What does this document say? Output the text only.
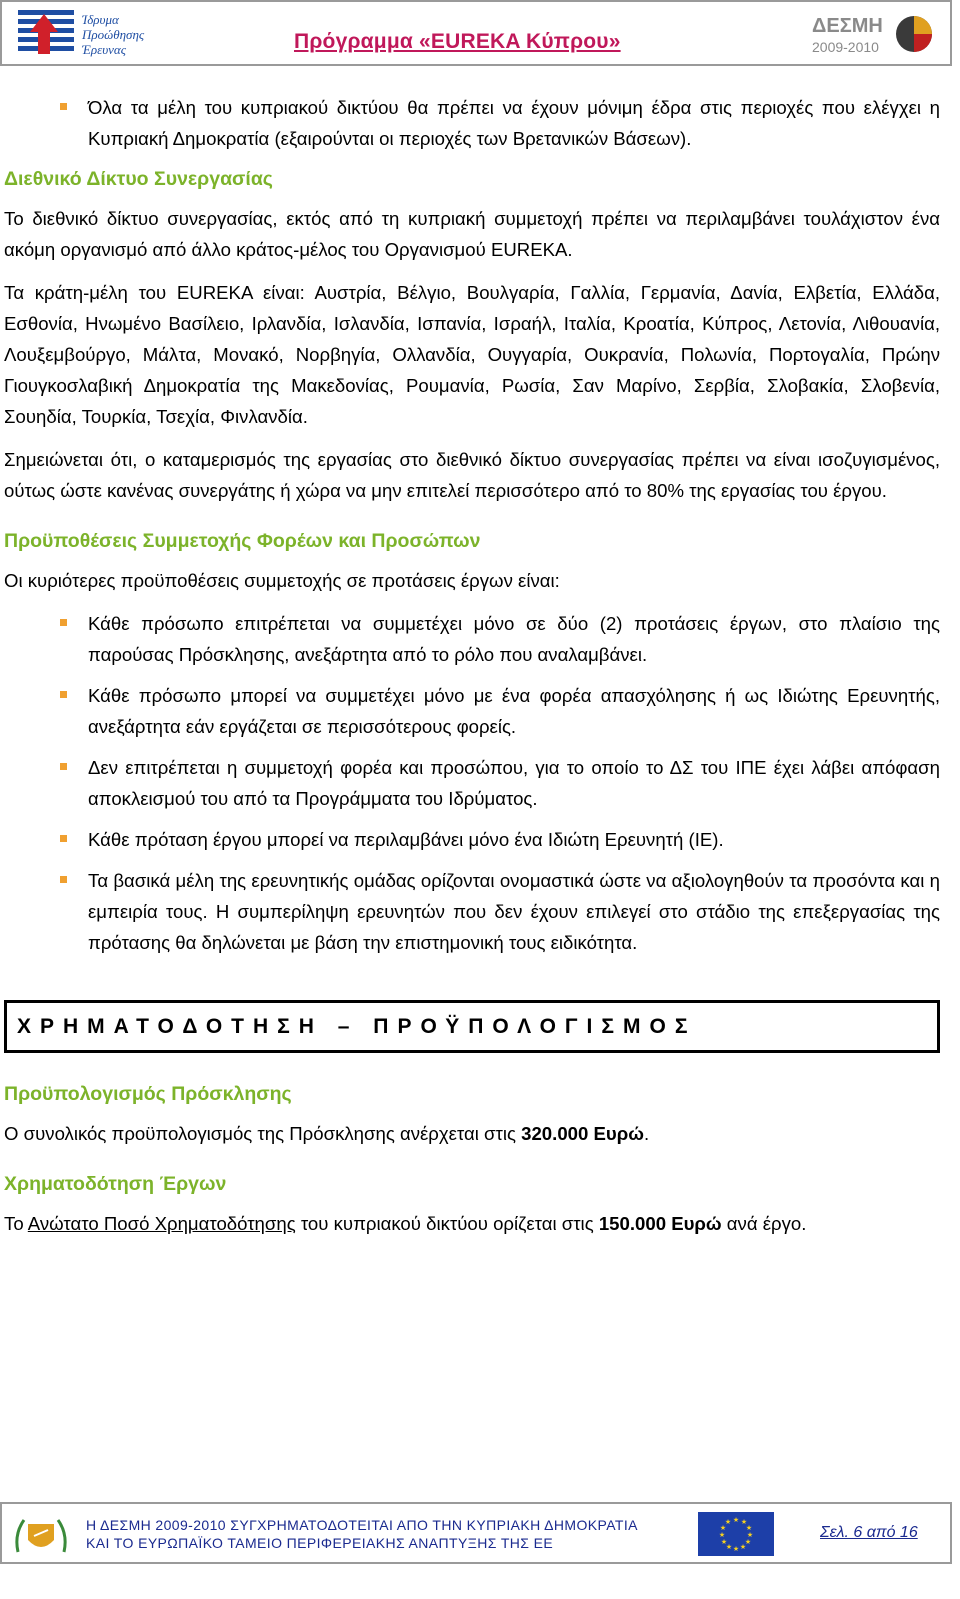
Ίδρυμα
Προώθησης
Έρευνας	Πρόγραμμα «EUREKA Κύπρου»
ΔΕΣΜΗ
2009-2010
Όλα τα μέλη του κυπριακού δικτύου θα πρέπει να έχουν μόνιμη έδρα στις περιοχές που ελέγχει η Κυπριακή Δημοκρατία (εξαιρούνται οι περιοχές των Βρετανικών Βάσεων).
Διεθνικό Δίκτυο Συνεργασίας

Το διεθνικό δίκτυο συνεργασίας, εκτός από τη κυπριακή συμμετοχή πρέπει να περιλαμβάνει τουλάχιστον ένα ακόμη οργανισμό από άλλο κράτος-μέλος του Οργανισμού EUREKA.

Τα κράτη-μέλη του EUREKA είναι: Αυστρία, Βέλγιο, Βουλγαρία, Γαλλία, Γερμανία, Δανία, Ελβετία, Ελλάδα, Εσθονία, Ηνωμένο Βασίλειο, Ιρλανδία, Ισλανδία, Ισπανία, Ισραήλ, Ιταλία, Κροατία, Κύπρος, Λετονία, Λιθουανία, Λουξεμβούργο, Μάλτα, Μονακό, Νορβηγία, Ολλανδία, Ουγγαρία, Ουκρανία, Πολωνία, Πορτογαλία, Πρώην Γιουγκοσλαβική Δημοκρατία της Μακεδονίας, Ρουμανία, Ρωσία, Σαν Μαρίνο, Σερβία, Σλοβακία, Σλοβενία, Σουηδία, Τουρκία, Τσεχία, Φινλανδία.

Σημειώνεται ότι, ο καταμερισμός της εργασίας στο διεθνικό δίκτυο συνεργασίας πρέπει να είναι ισοζυγισμένος, ούτως ώστε κανένας συνεργάτης ή χώρα να μην επιτελεί περισσότερο από το 80% της εργασίας του έργου.

Προϋποθέσεις Συμμετοχής Φορέων και Προσώπων

Οι κυριότερες προϋποθέσεις συμμετοχής σε προτάσεις έργων είναι:

Κάθε πρόσωπο επιτρέπεται να συμμετέχει μόνο σε δύο (2) προτάσεις έργων, στο πλαίσιο της παρούσας Πρόσκλησης, ανεξάρτητα από το ρόλο που αναλαμβάνει.
Κάθε πρόσωπο μπορεί να συμμετέχει μόνο με ένα φορέα απασχόλησης ή ως Ιδιώτης Ερευνητής, ανεξάρτητα εάν εργάζεται σε περισσότερους φορείς.
Δεν επιτρέπεται η συμμετοχή φορέα και προσώπου, για το οποίο το ΔΣ του ΙΠΕ έχει λάβει απόφαση αποκλεισμού του από τα Προγράμματα του Ιδρύματος.
Κάθε πρόταση έργου μπορεί να περιλαμβάνει μόνο ένα Ιδιώτη Ερευνητή (ΙΕ).
Τα βασικά μέλη της ερευνητικής ομάδας ορίζονται ονομαστικά ώστε να αξιολογηθούν τα προσόντα και η εμπειρία τους. Η συμπερίληψη ερευνητών που δεν έχουν επιλεγεί στο στάδιο της επεξεργασίας της πρότασης θα δηλώνεται με βάση την επιστημονική τους ειδικότητα.
ΧΡΗΜΑΤΟΔΟΤΗΣΗ – ΠΡΟΫΠΟΛΟΓΙΣΜΟΣ
Προϋπολογισμός Πρόσκλησης

Ο συνολικός προϋπολογισμός της Πρόσκλησης ανέρχεται στις 320.000 Ευρώ.

Χρηματοδότηση Έργων

Το Ανώτατο Ποσό Χρηματοδότησης του κυπριακού δικτύου ορίζεται στις 150.000 Ευρώ ανά έργο.

Η ΔΕΣΜΗ 2009-2010 ΣΥΓΧΡΗΜΑΤΟΔΟΤΕΙΤΑΙ ΑΠΟ ΤΗΝ ΚΥΠΡΙΑΚΗ ΔΗΜΟΚΡΑΤΙΑ
ΚΑΙ ΤΟ ΕΥΡΩΠΑΪΚΟ ΤΑΜΕΙΟ ΠΕΡΙΦΕΡΕΙΑΚΗΣ ΑΝΑΠΤΥΞΗΣ ΤΗΣ ΕΕ
★ ★
★
★
★
★
★
★
★
★
★
★
Σελ. 6 από 16
